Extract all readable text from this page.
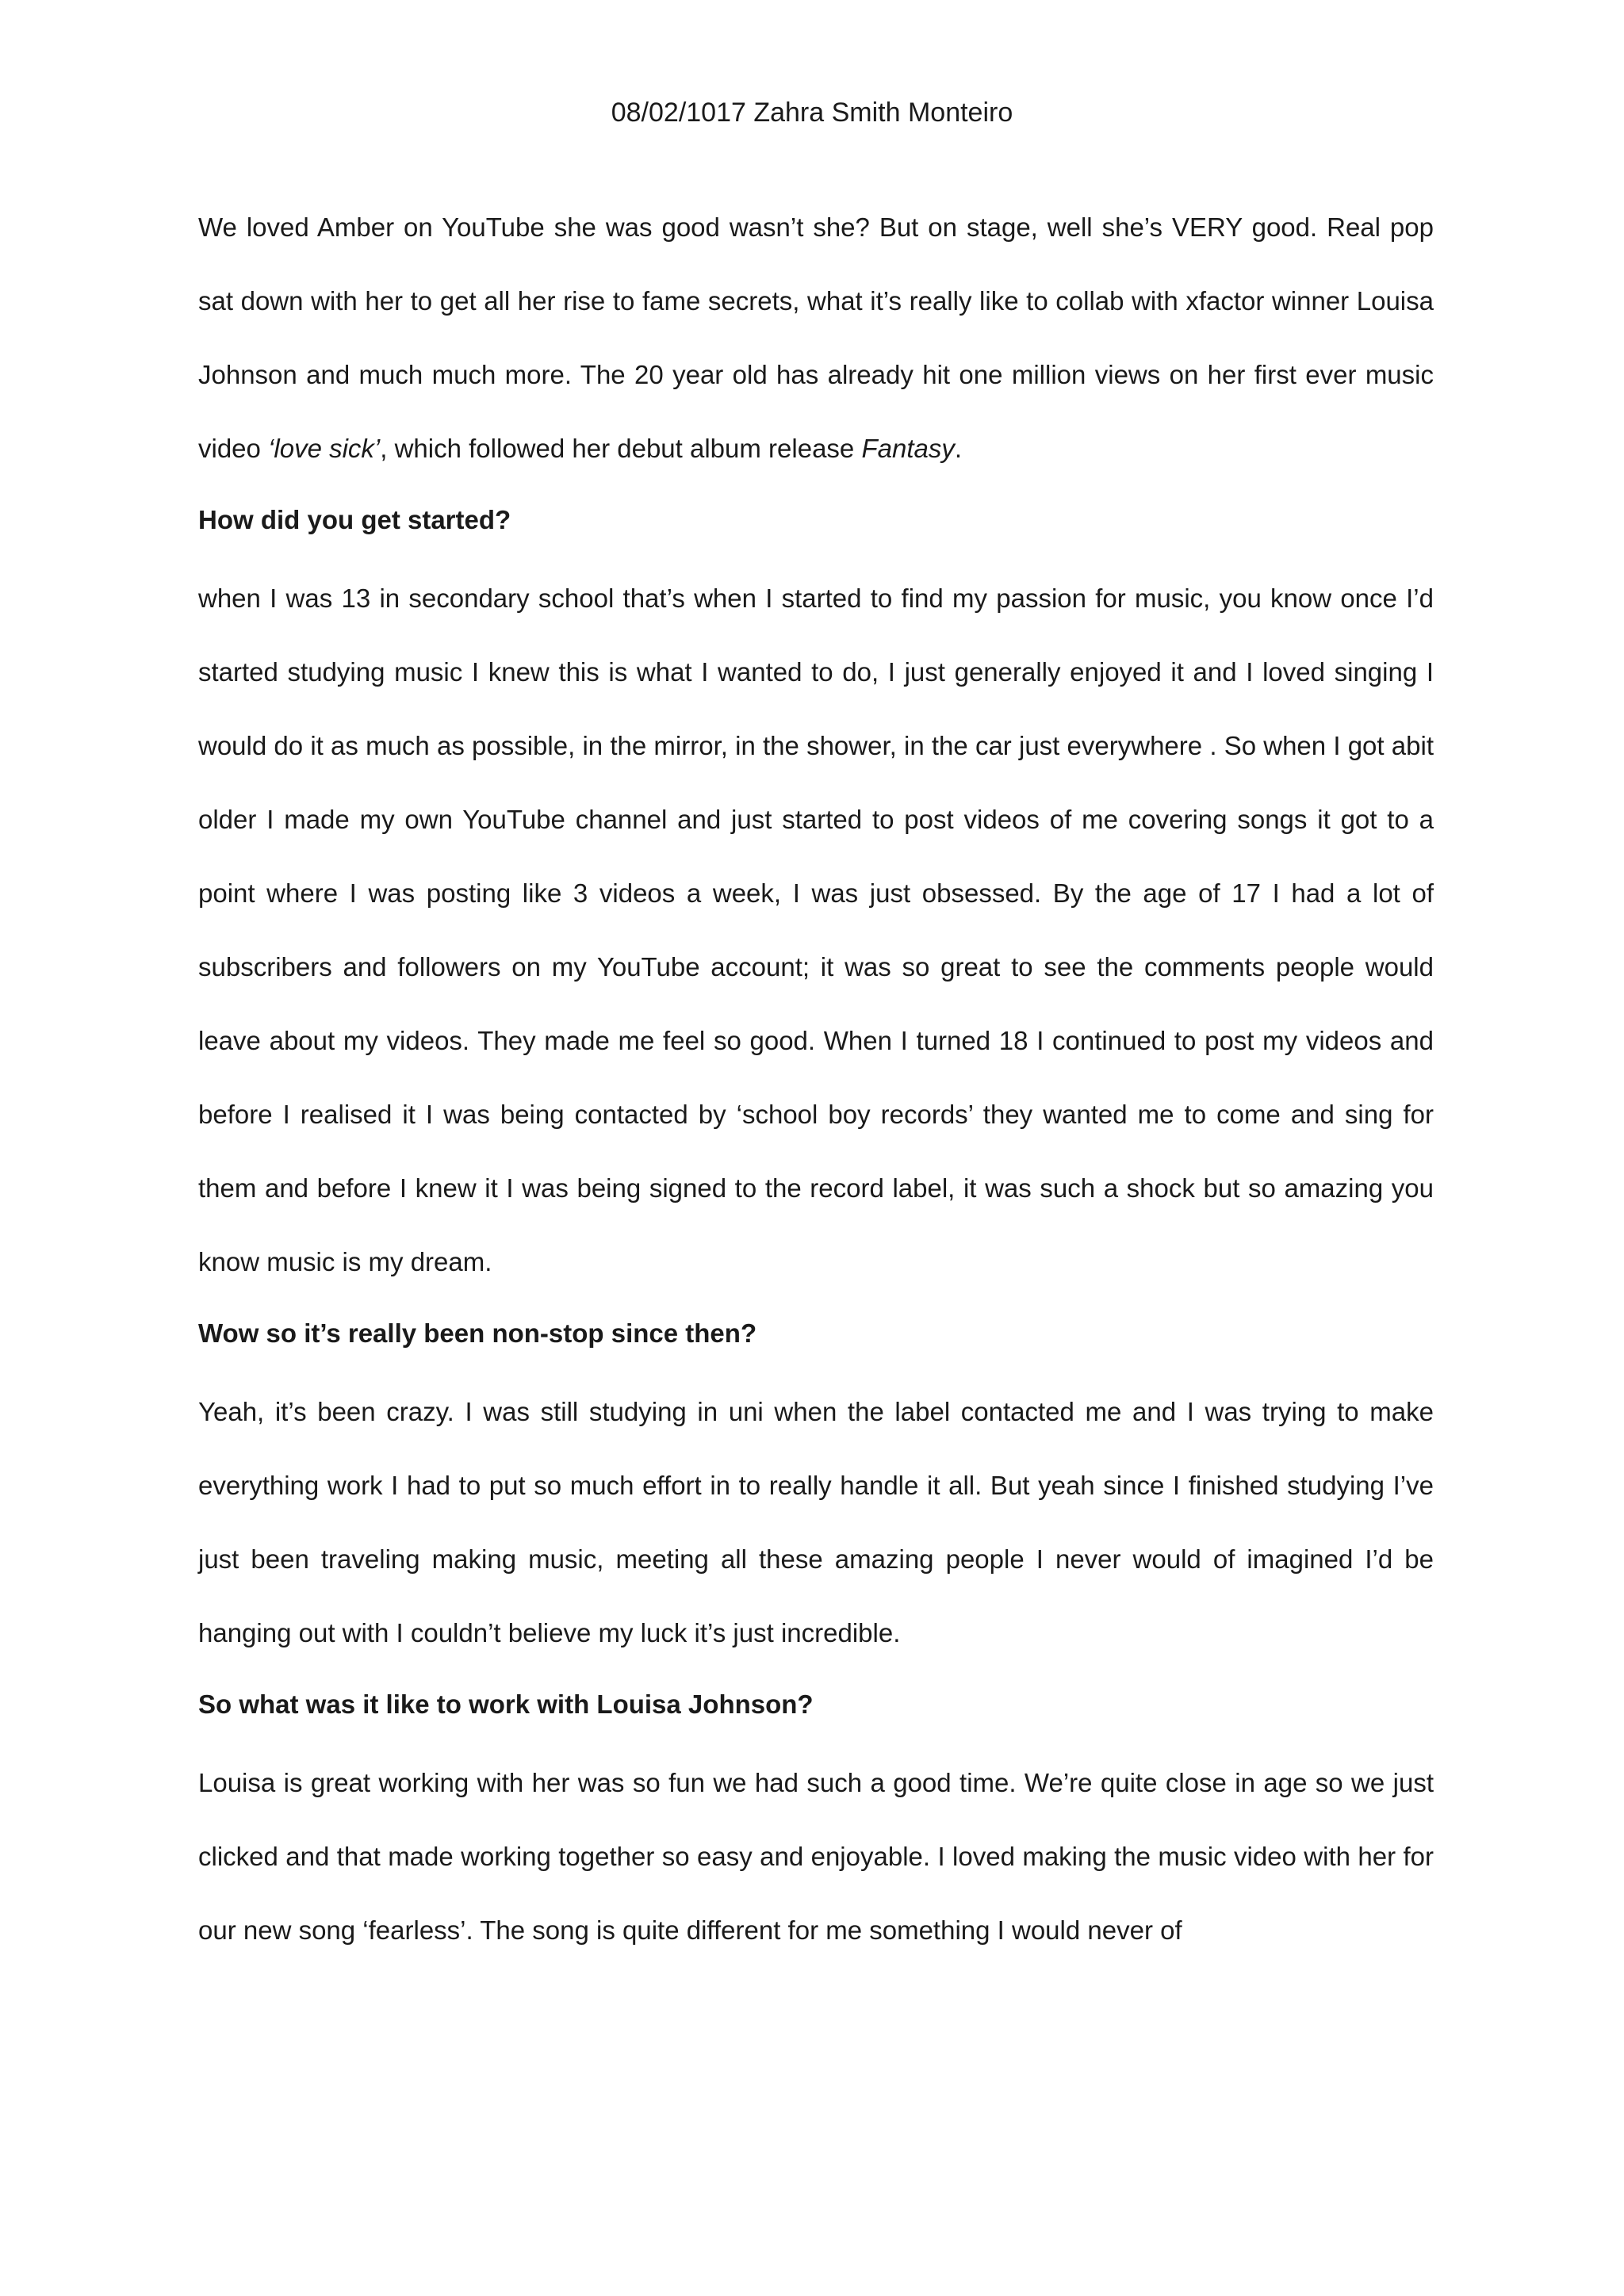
08/02/1017 Zahra Smith Monteiro

We loved Amber on YouTube she was good wasn’t she? But on stage, well she’s VERY good. Real pop sat down with her to get all her rise to fame secrets, what it’s really like to collab with xfactor winner Louisa Johnson and much much more. The 20 year old has already hit one million views on her first ever music video ‘love sick’, which followed her debut album release Fantasy.

How did you get started?

when I was 13 in secondary school that’s when I started to find my passion for music, you know once I’d started studying music I knew this is what I wanted to do, I just generally enjoyed it and I loved singing I would do it as much as possible, in the mirror, in the shower, in the car just everywhere . So when I got abit older I made my own YouTube channel and just started to post videos of me covering songs it got to a point where I was posting like 3 videos a week, I was just obsessed. By the age of 17 I had a lot of subscribers and followers on my YouTube account; it was so great to see the comments people would leave about my videos. They made me feel so good. When I turned 18 I continued to post my videos and before I realised it I was being contacted by ‘school boy records’ they wanted me to come and sing for them and before I knew it I was being signed to the record label, it was such a shock but so amazing you know music is my dream.

Wow so it’s really been non-stop since then?

Yeah, it’s been crazy. I was still studying in uni when the label contacted me and I was trying to make everything work I had to put so much effort in to really handle it all. But yeah since I finished studying I’ve just been traveling making music, meeting all these amazing people I never would of imagined I’d be hanging out with I couldn’t believe my luck it’s just incredible.

So what was it like to work with Louisa Johnson?

Louisa is great working with her was so fun we had such a good time. We’re quite close in age so we just clicked and that made working together so easy and enjoyable. I loved making the music video with her for our new song ‘fearless’. The song is quite different for me something I would never of
